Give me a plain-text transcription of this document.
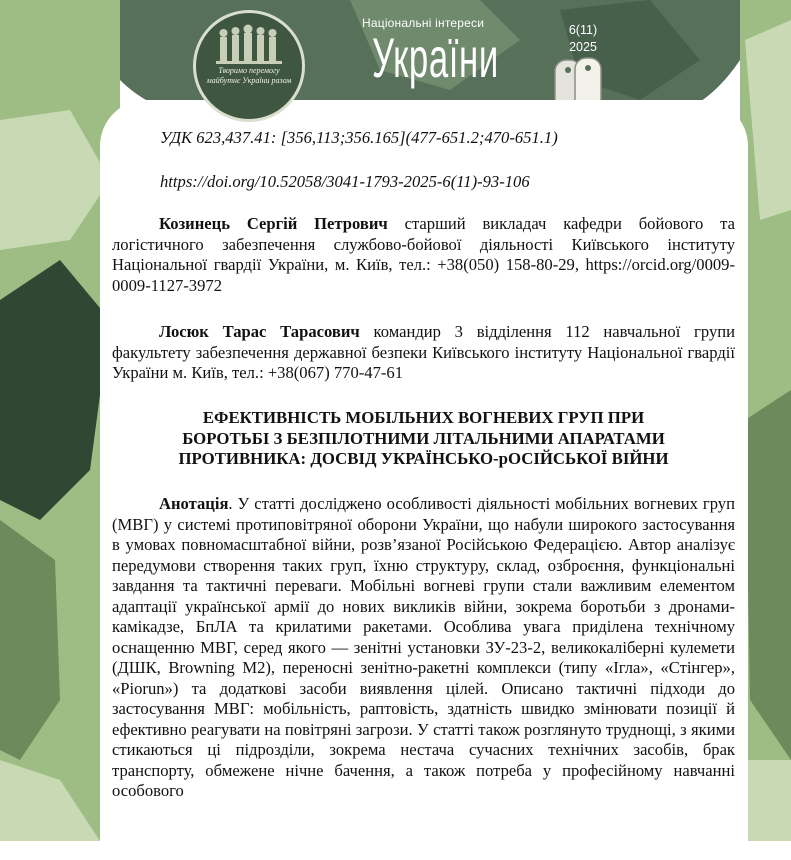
Творимо перемогу майбутнє України разом
Національні інтереси
України	6(11)
2025
УДК 623,437.41: [356,113;356.165](477-651.2;470-651.1)
https://doi.org/10.52058/3041-1793-2025-6(11)-93-106
Козинець Сергій Петрович старший викладач кафедри бойового та логістичного забезпечення службово-бойової діяльності Київського інституту Національної гвардії України, м. Київ, тел.: +38(050) 158-80-29, https://orcid.org/0009-0009-1127-3972
Лосюк Тарас Тарасович командир 3 відділення 112 навчальної групи факультету забезпечення державної безпеки Київського інституту Національної гвардії України м. Київ, тел.: +38(067) 770-47-61
ЕФЕКТИВНІСТЬ МОБІЛЬНИХ ВОГНЕВИХ ГРУП ПРИ
БОРОТЬБІ З БЕЗПІЛОТНИМИ ЛІТАЛЬНИМИ АПАРАТАМИ
ПРОТИВНИКА: ДОСВІД УКРАЇНСЬКО-рОСІЙСЬКОЇ ВІЙНИ
Анотація. У статті досліджено особливості діяльності мобільних вогневих груп (МВГ) у системі протиповітряної оборони України, що набули широкого застосування в умовах повномасштабної війни, розв’язаної Російською Федерацією. Автор аналізує передумови створення таких груп, їхню структуру, склад, озброєння, функціональні завдання та тактичні переваги. Мобільні вогневі групи стали важливим елементом адаптації української армії до нових викликів війни, зокрема боротьби з дронами-камікадзе, БпЛА та крилатими ракетами. Особлива увага приділена технічному оснащенню МВГ, серед якого — зенітні установки ЗУ-23-2, великокаліберні кулемети (ДШК, Browning M2), переносні зенітно-ракетні комплекси (типу «Ігла», «Стінгер», «Piorun») та додаткові засоби виявлення цілей. Описано тактичні підходи до застосування МВГ: мобільність, раптовість, здатність швидко змінювати позиції й ефективно реагувати на повітряні загрози. У статті також розглянуто труднощі, з якими стикаються ці підрозділи, зокрема нестача сучасних технічних засобів, брак транспорту, обмежене нічне бачення, а також потреба у професійному навчанні особового
